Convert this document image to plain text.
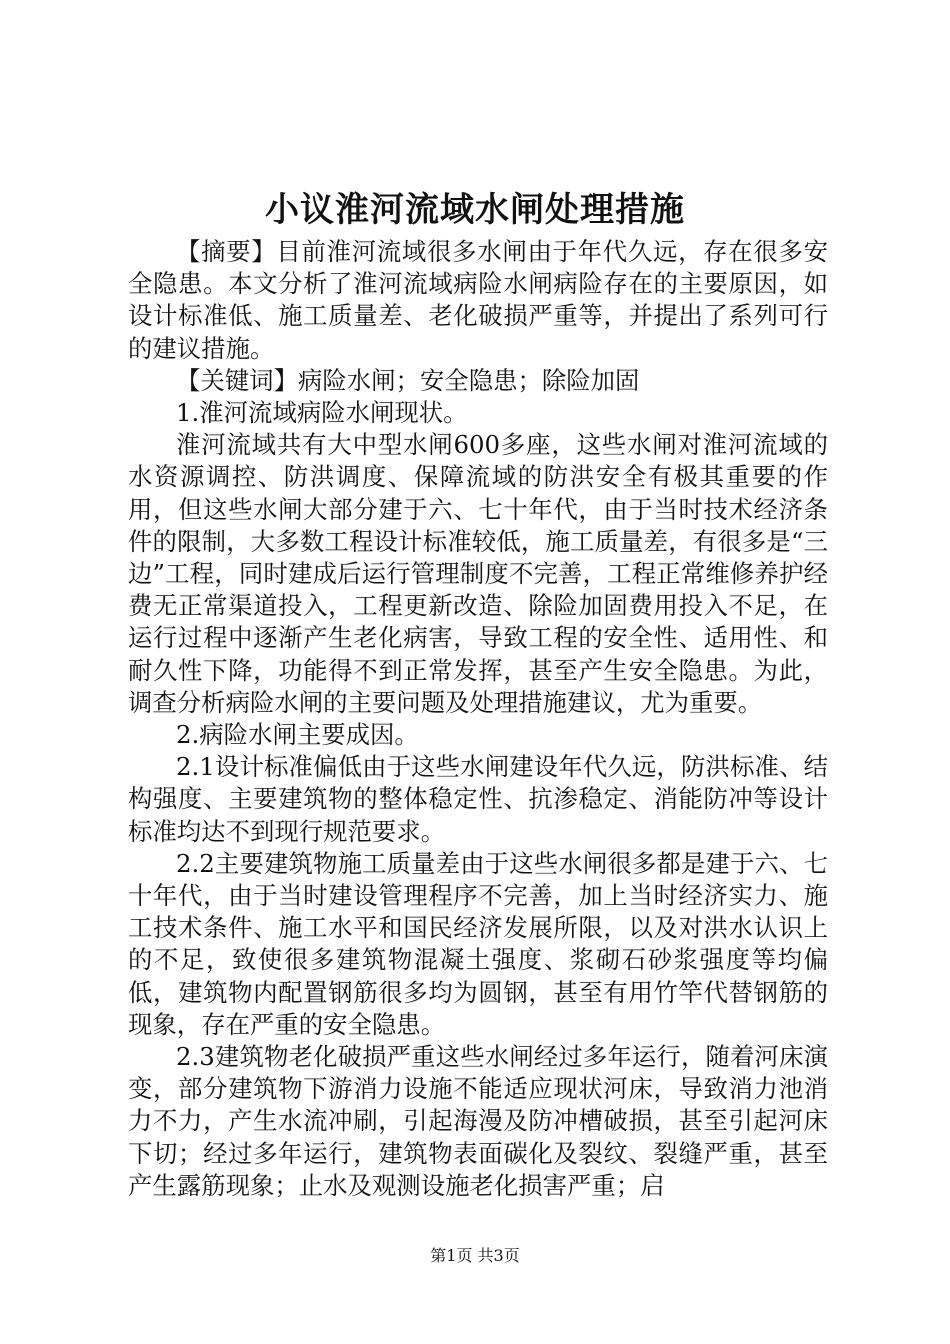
小议淮河流域水闸处理措施

【摘要】目前淮河流域很多水闸由于年代久远，存在很多安全隐患。本文分析了淮河流域病险水闸病险存在的主要原因，如设计标准低、施工质量差、老化破损严重等，并提出了系列可行的建议措施。

【关键词】病险水闸；安全隐患；除险加固

1.淮河流域病险水闸现状。

淮河流域共有大中型水闸600多座，这些水闸对淮河流域的水资源调控、防洪调度、保障流域的防洪安全有极其重要的作用，但这些水闸大部分建于六、七十年代，由于当时技术经济条件的限制，大多数工程设计标准较低，施工质量差，有很多是“三边”工程，同时建成后运行管理制度不完善，工程正常维修养护经费无正常渠道投入，工程更新改造、除险加固费用投入不足，在运行过程中逐渐产生老化病害，导致工程的安全性、适用性、和耐久性下降，功能得不到正常发挥，甚至产生安全隐患。为此，调查分析病险水闸的主要问题及处理措施建议，尤为重要。

2.病险水闸主要成因。

2.1设计标准偏低由于这些水闸建设年代久远，防洪标准、结构强度、主要建筑物的整体稳定性、抗渗稳定、消能防冲等设计标准均达不到现行规范要求。

2.2主要建筑物施工质量差由于这些水闸很多都是建于六、七十年代，由于当时建设管理程序不完善，加上当时经济实力、施工技术条件、施工水平和国民经济发展所限，以及对洪水认识上的不足，致使很多建筑物混凝土强度、浆砌石砂浆强度等均偏低，建筑物内配置钢筋很多均为圆钢，甚至有用竹竿代替钢筋的现象，存在严重的安全隐患。

2.3建筑物老化破损严重这些水闸经过多年运行，随着河床演变，部分建筑物下游消力设施不能适应现状河床，导致消力池消力不力，产生水流冲刷，引起海漫及防冲槽破损，甚至引起河床下切；经过多年运行，建筑物表面碳化及裂纹、裂缝严重，甚至产生露筋现象；止水及观测设施老化损害严重；启

第1页 共3页
